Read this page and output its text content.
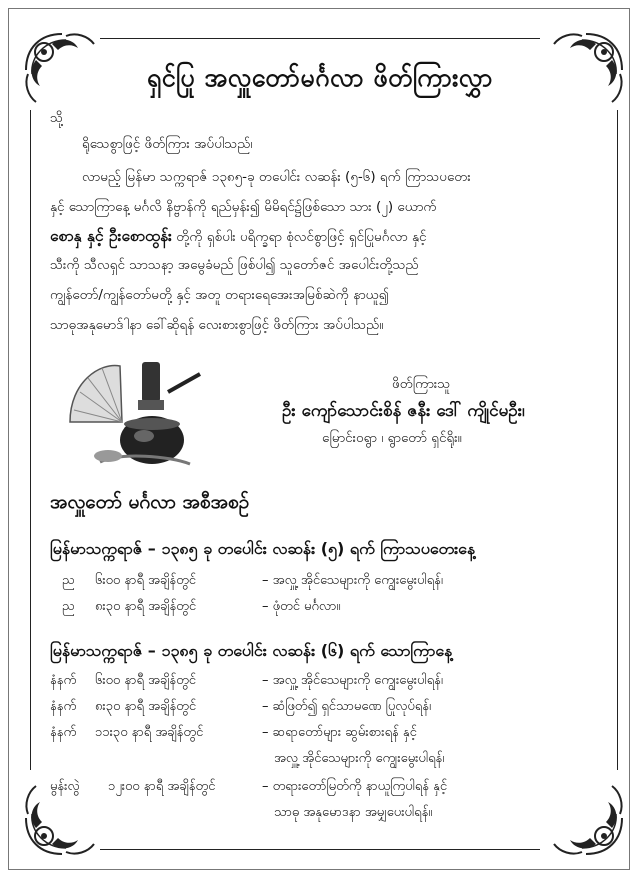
ရှင်ပြု အလှူတော်မင်္ဂလာ ဖိတ်ကြားလွှာ
သို့
ရိုသေစွာဖြင့် ဖိတ်ကြား အပ်ပါသည်၊
လာမည့် မြန်မာ သက္ကရာဇ် ၁၃၈၅-ခု တပေါင်း လဆန်း (၅-၆) ရက် ကြာသပတေး
နှင့် သောကြာနေ့ မင်္ဂလိ နိဗ္ဗာန်ကို ရည်မှန်း၍ မိမိရင်၌ဖြစ်သော သား (၂) ယောက်
စောနှ နှင့် ဦးစောထွန်း တို့ကို ရှစ်ပါး ပရိက္ခရာ စုံလင်စွာဖြင့် ရှင်ပြုမင်္ဂလာ နှင့်
သီးကို သီလရှင် သာသနာ့ အမွေခံမည် ဖြစ်ပါ၍ သူတော်ဇင် အပေါင်းတို့သည်
ကျွန်တော်/ကျွန်တော်မတို့ နှင့် အတူ တရားရေအေးအမြစ်ဆဲကို နာယူ၍
သာဓုအနုမောဒ်ါနာ ခေါ်ဆိုရန် လေးစားစွာဖြင့် ဖိတ်ကြား အပ်ပါသည်။
ဖိတ်ကြားသူ
ဦး ကျော်သောင်းစိန် ဇနီး ဒေါ် ကျိုင်မဦး၊
မြောင်းဝရွာ ၊ ရွာတော် ရှင်ရိုး။
အလှူတော် မင်္ဂလာ အစီအစဉ်
မြန်မာသက္ကရာဇ် – ၁၃၈၅ ခု တပေါင်း လဆန်း (၅) ရက် ကြာသပတေးနေ့
ည ၆း၀၀ နာရီ အချိန်တွင်	– အလှူ့ အိုင်သေများကို ကျွေးမွေးပါရန်၊
ည ၈း၃၀ နာရီ အချိန်တွင်	– ဖုံတင် မင်္ဂလာ။
မြန်မာသက္ကရာဇ် – ၁၃၈၅ ခု တပေါင်း လဆန်း (၆) ရက် သောကြာနေ့
နံနက် ၆း၀၀ နာရီ အချိန်တွင်	– အလှူ့ အိုင်သေများကို ကျွေးမွေးပါရန်၊
နံနက် ၈း၃၀ နာရီ အချိန်တွင်	– ဆံဖြတ်၍ ရှင်သာမဏေ ပြုလုပ်ရန်၊
နံနက် ၁၁း၃၀ နာရီ အချိန်တွင်	– ဆရာတော်များ ဆွမ်းစားရန် နှင့်
အလှူ့ အိုင်သေများကို ကျွေးမွေးပါရန်၊
မွန်းလွဲ ၁၂း၀၀ နာရီ အချိန်တွင်	– တရားတော်မြတ်ကို နာယူကြပါရန် နှင့်
သာဓု အနုမောဒနာ အမျှပေးပါရန်။
